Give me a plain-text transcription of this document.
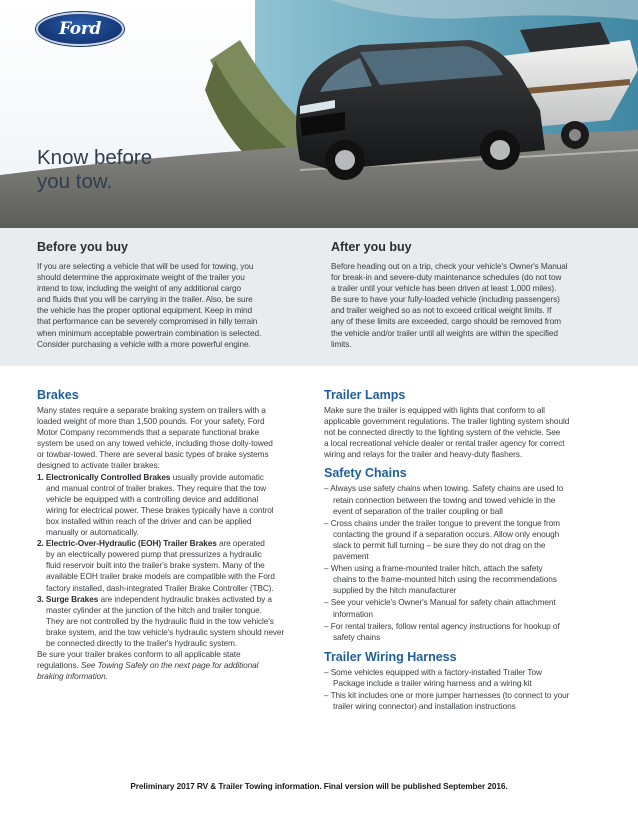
Ford
Know before
you tow.
Before you buy

If you are selecting a vehicle that will be used for towing, you
should determine the approximate weight of the trailer you
intend to tow, including the weight of any additional cargo
and fluids that you will be carrying in the trailer. Also, be sure
the vehicle has the proper optional equipment. Keep in mind
that performance can be severely compromised in hilly terrain
when minimum acceptable powertrain combination is selected.
Consider purchasing a vehicle with a more powerful engine.

After you buy

Before heading out on a trip, check your vehicle's Owner's Manual
for break-in and severe-duty maintenance schedules (do not tow
a trailer until your vehicle has been driven at least 1,000 miles).
Be sure to have your fully-loaded vehicle (including passengers)
and trailer weighed so as not to exceed critical weight limits. If
any of these limits are exceeded, cargo should be removed from
the vehicle and/or trailer until all weights are within the specified
limits.

Brakes

Many states require a separate braking system on trailers with a
loaded weight of more than 1,500 pounds. For your safety, Ford
Motor Company recommends that a separate functional brake
system be used on any towed vehicle, including those dolly-towed
or towbar-towed. There are several basic types of brake systems
designed to activate trailer brakes:

1. Electronically Controlled Brakes usually provide automatic
and manual control of trailer brakes. They require that the tow
vehicle be equipped with a controlling device and additional
wiring for electrical power. These brakes typically have a control
box installed within reach of the driver and can be applied
manually or automatically.
2. Electric-Over-Hydraulic (EOH) Trailer Brakes are operated
by an electrically powered pump that pressurizes a hydraulic
fluid reservoir built into the trailer's brake system. Many of the
available EOH trailer brake models are compatible with the Ford
factory installed, dash-integrated Trailer Brake Controller (TBC).
3. Surge Brakes are independent hydraulic brakes activated by a
master cylinder at the junction of the hitch and trailer tongue.
They are not controlled by the hydraulic fluid in the tow vehicle's
brake system, and the tow vehicle's hydraulic system should never
be connected directly to the trailer's hydraulic system.

Be sure your trailer brakes conform to all applicable state
regulations. See Towing Safely on the next page for additional
braking information.

Trailer Lamps

Make sure the trailer is equipped with lights that conform to all
applicable government regulations. The trailer lighting system should
not be connected directly to the lighting system of the vehicle. See
a local recreational vehicle dealer or rental trailer agency for correct
wiring and relays for the trailer and heavy-duty flashers.

Safety Chains
– Always use safety chains when towing. Safety chains are used to
retain connection between the towing and towed vehicle in the
event of separation of the trailer coupling or ball
– Cross chains under the trailer tongue to prevent the tongue from
contacting the ground if a separation occurs. Allow only enough
slack to permit full turning – be sure they do not drag on the
pavement
– When using a frame-mounted trailer hitch, attach the safety
chains to the frame-mounted hitch using the recommendations
supplied by the hitch manufacturer
– See your vehicle's Owner's Manual for safety chain attachment
information
– For rental trailers, follow rental agency instructions for hookup of
safety chains
Trailer Wiring Harness
– Some vehicles equipped with a factory-installed Trailer Tow
Package include a trailer wiring harness and a wiring kit
– This kit includes one or more jumper harnesses (to connect to your
trailer wiring connector) and installation instructions
Preliminary 2017 RV & Trailer Towing information. Final version will be published September 2016.
